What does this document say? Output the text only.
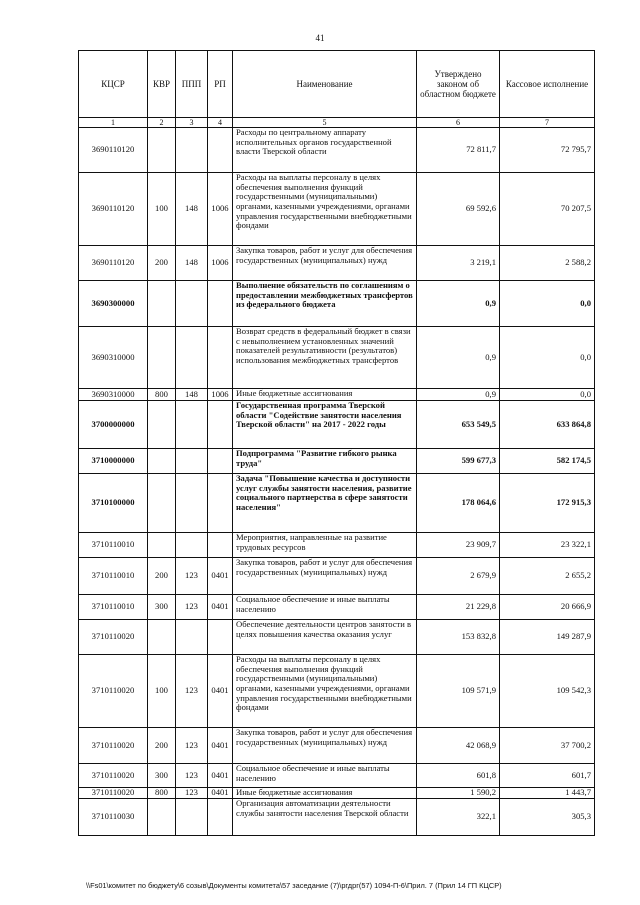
41
КЦСР	КВР	ППП	РП	Наименование	Утверждено законом об областном бюджете	Кассовое исполнение
1	2	3	4	5	6	7
3690110120				Расходы по центральному аппарату исполнительных органов государственной власти Тверской области	72 811,7	72 795,7
3690110120	100	148	1006	Расходы на выплаты персоналу в целях обеспечения выполнения функций государственными (муниципальными) органами, казенными учреждениями, органами управления государственными внебюджетными фондами	69 592,6	70 207,5
3690110120	200	148	1006	Закупка товаров, работ и услуг для обеспечения государственных (муниципальных) нужд	3 219,1	2 588,2
3690300000				Выполнение обязательств по соглашениям о предоставлении межбюджетных трансфертов из федерального бюджета	0,9	0,0
3690310000				Возврат средств в федеральный бюджет в связи с невыполнением установленных значений показателей результативности (результатов) использования межбюджетных трансфертов	0,9	0,0
3690310000	800	148	1006	Иные бюджетные ассигнования	0,9	0,0
3700000000				Государственная программа Тверской области "Содействие занятости населения Тверской области" на 2017 - 2022 годы	653 549,5	633 864,8
3710000000				Подпрограмма "Развитие гибкого рынка труда"	599 677,3	582 174,5
3710100000				Задача "Повышение качества и доступности услуг службы занятости населения, развитие социального партнерства в сфере занятости населения"	178 064,6	172 915,3
3710110010				Мероприятия, направленные на развитие трудовых ресурсов	23 909,7	23 322,1
3710110010	200	123	0401	Закупка товаров, работ и услуг для обеспечения государственных (муниципальных) нужд	2 679,9	2 655,2
3710110010	300	123	0401	Социальное обеспечение и иные выплаты населению	21 229,8	20 666,9
3710110020				Обеспечение деятельности центров занятости в целях повышения качества оказания услуг	153 832,8	149 287,9
3710110020	100	123	0401	Расходы на выплаты персоналу в целях обеспечения выполнения функций государственными (муниципальными) органами, казенными учреждениями, органами управления государственными внебюджетными фондами	109 571,9	109 542,3
3710110020	200	123	0401	Закупка товаров, работ и услуг для обеспечения государственных (муниципальных) нужд	42 068,9	37 700,2
3710110020	300	123	0401	Социальное обеспечение и иные выплаты населению	601,8	601,7
3710110020	800	123	0401	Иные бюджетные ассигнования	1 590,2	1 443,7
3710110030				Организация автоматизации деятельности службы занятости населения Тверской области	322,1	305,3
\\Fs01\комитет по бюджету\6 созыв\Документы комитета\57 заседание (7)\ргдрг(57) 1094-П-6\Прил. 7 (Прил 14 ГП КЦСР)
